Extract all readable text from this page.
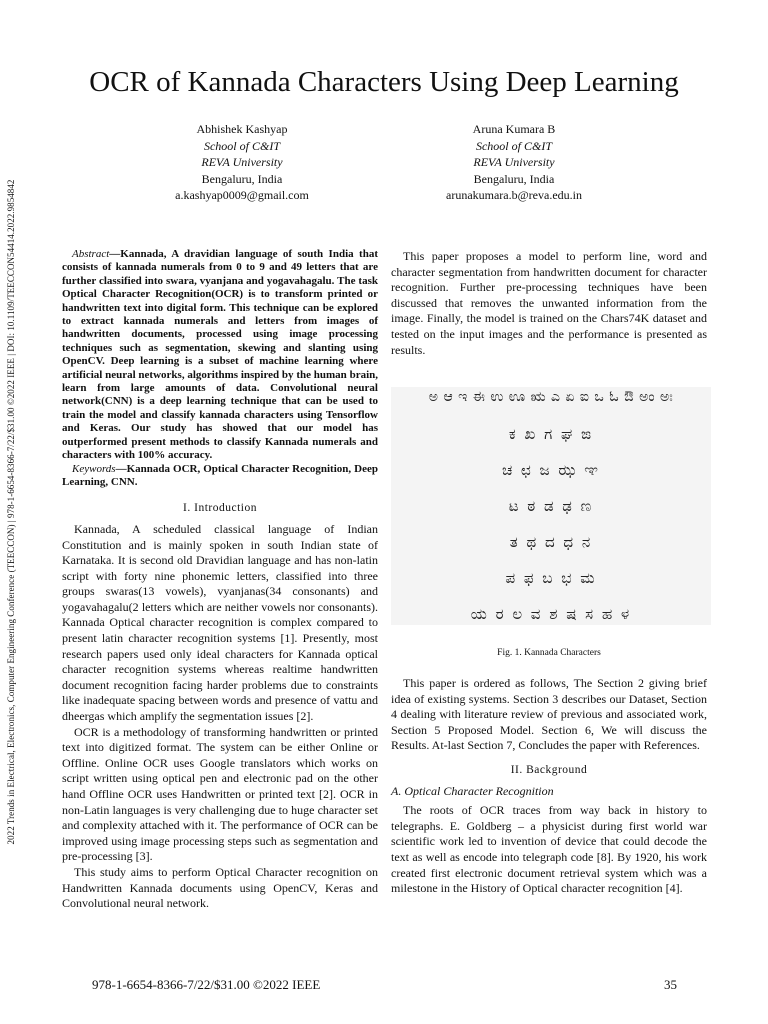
2022 Trends in Electrical, Electronics, Computer Engineering Conference (TEECCON) | 978-1-6654-8366-7/22/$31.00 ©2022 IEEE | DOI: 10.1109/TEECCON54414.2022.9854842
OCR of Kannada Characters Using Deep Learning
Abhishek Kashyap
School of C&IT
REVA University
Bengaluru, India
a.kashyap0009@gmail.com
Aruna Kumara B
School of C&IT
REVA University
Bengaluru, India
arunakumara.b@reva.edu.in

Abstract—Kannada, A dravidian language of south India that consists of kannada numerals from 0 to 9 and 49 letters that are further classified into swara, vyanjana and yogavahagalu. The task Optical Character Recognition(OCR) is to transform printed or handwritten text into digital form. This technique can be explored to extract kannada numerals and letters from images of handwritten documents, processed using image processing techniques such as segmentation, skewing and slanting using OpenCV. Deep learning is a subset of machine learning where artificial neural networks, algorithms inspired by the human brain, learn from large amounts of data. Convolutional neural network(CNN) is a deep learning technique that can be used to train the model and classify kannada characters using Tensorflow and Keras. Our study has showed that our model has outperformed present methods to classify Kannada numerals and characters with 100% accuracy.

Keywords—Kannada OCR, Optical Character Recognition, Deep Learning, CNN.

I. Introduction

Kannada, A scheduled classical language of Indian Constitution and is mainly spoken in south Indian state of Karnataka. It is second old Dravidian language and has non-latin script with forty nine phonemic letters, classified into three groups swaras(13 vowels), vyanjanas(34 consonants) and yogavahagalu(2 letters which are neither vowels nor consonants). Kannada Optical character recognition is complex compared to present latin character recognition systems [1]. Presently, most research papers used only ideal characters for Kannada optical character recognition systems whereas realtime handwritten document recognition facing harder problems due to constraints like inadequate spacing between words and presence of vattu and dheergas which amplify the segmentation issues [2].

OCR is a methodology of transforming handwritten or printed text into digitized format. The system can be either Online or Offline. Online OCR uses Google translators which works on script written using optical pen and electronic pad on the other hand Offline OCR uses Handwritten or printed text [2]. OCR in non-Latin languages is very challenging due to huge character set and complexity attached with it. The performance of OCR can be improved using image processing steps such as segmentation and pre-processing [3].

This study aims to perform Optical Character recognition on Handwritten Kannada documents using OpenCV, Keras and Convolutional neural network.

This paper proposes a model to perform line, word and character segmentation from handwritten document for character recognition. Further pre-processing techniques have been discussed that removes the unwanted information from the image. Finally, the model is trained on the Chars74K dataset and tested on the input images and the performance is presented as results.

ಅ ಆ ಇ ಈ ಉ ಊ ಋ ಎ ಏ ಐ ಒ ಓ ಔ ಅಂ ಅಃ
ಕ ಖ ಗ ಘ ಙ
ಚ ಛ ಜ ಝ ಞ
ಟ ಠ ಡ ಢ ಣ
ತ ಥ ದ ಧ ನ
ಪ ಫ ಬ ಭ ಮ
ಯ ರ ಲ ವ ಶ ಷ ಸ ಹ ಳ
Fig. 1. Kannada Characters

This paper is ordered as follows, The Section 2 giving brief idea of existing systems. Section 3 describes our Dataset, Section 4 dealing with literature review of previous and associated work, Section 5 Proposed Model. Section 6, We will discuss the Results. At-last Section 7, Concludes the paper with References.

II. Background

A. Optical Character Recognition

The roots of OCR traces from way back in history to telegraphs. E. Goldberg – a physicist during first world war scientific work led to invention of device that could decode the text as well as encode into telegraph code [8]. By 1920, his work created first electronic document retrieval system which was a milestone in the History of Optical character recognition [4].

978-1-6654-8366-7/22/$31.00 ©2022 IEEE	35
